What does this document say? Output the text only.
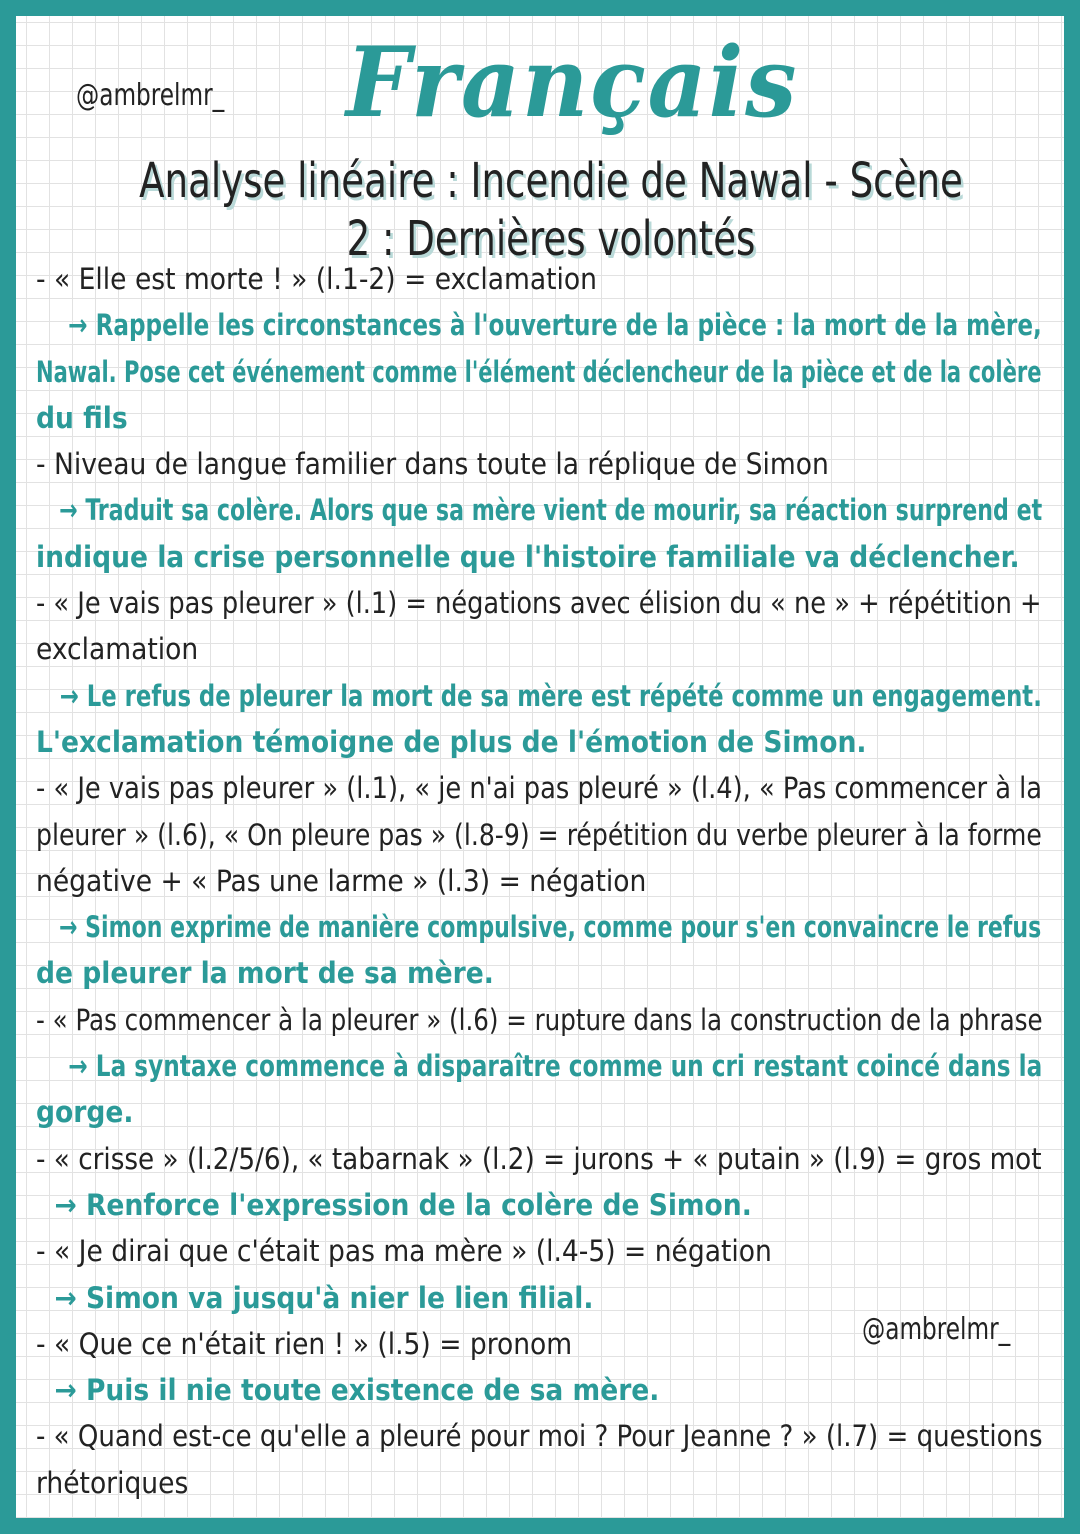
@ambrelmr_ Français
Analyse linéaire : Incendie de Nawal - Scène 2 : Dernières volontés
- « Elle est morte ! » (l.1-2) = exclamation
→ Rappelle les circonstances à l'ouverture de la pièce : la mort de la mère,
Nawal. Pose cet événement comme l'élément déclencheur de la pièce et de la colère
du fils
- Niveau de langue familier dans toute la réplique de Simon
→ Traduit sa colère. Alors que sa mère vient de mourir, sa réaction surprend et
indique la crise personnelle que l'histoire familiale va déclencher.
- « Je vais pas pleurer » (l.1) = négations avec élision du « ne » + répétition +
exclamation
→ Le refus de pleurer la mort de sa mère est répété comme un engagement.
L'exclamation témoigne de plus de l'émotion de Simon.
- « Je vais pas pleurer » (l.1), « je n'ai pas pleuré » (l.4), « Pas commencer à la
pleurer » (l.6), « On pleure pas » (l.8-9) = répétition du verbe pleurer à la forme
négative + « Pas une larme » (l.3) = négation
→ Simon exprime de manière compulsive, comme pour s'en convaincre le refus
de pleurer la mort de sa mère.
- « Pas commencer à la pleurer » (l.6) = rupture dans la construction de la phrase
→ La syntaxe commence à disparaître comme un cri restant coincé dans la
gorge.
- « crisse » (l.2/5/6), « tabarnak » (l.2) = jurons + « putain » (l.9) = gros mot
→ Renforce l'expression de la colère de Simon.
- « Je dirai que c'était pas ma mère » (l.4-5) = négation
→ Simon va jusqu'à nier le lien filial.
- « Que ce n'était rien ! » (l.5) = pronom
→ Puis il nie toute existence de sa mère.
- « Quand est-ce qu'elle a pleuré pour moi ? Pour Jeanne ? » (l.7) = questions
rhétoriques
@ambrelmr_
